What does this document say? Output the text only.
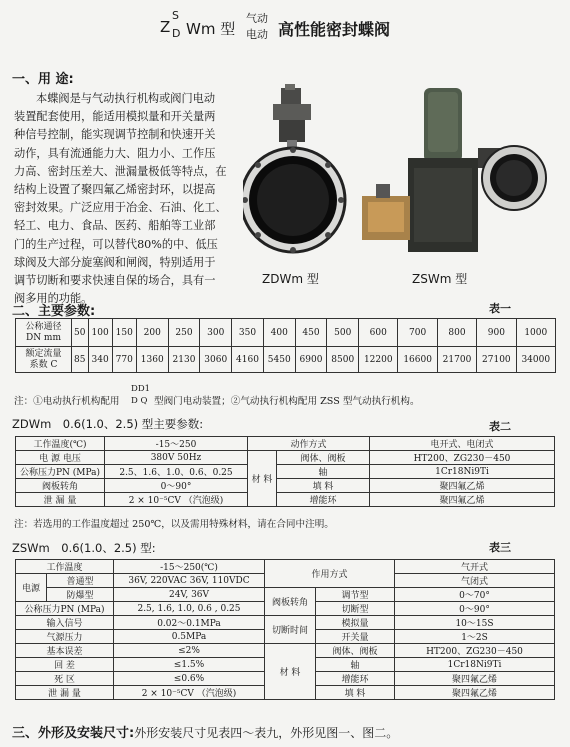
Z
S
D Wm 型
气动
电动 高性能密封蝶阀
一、用 途:
本蝶阀是与气动执行机构或阀门电动
装置配套使用，能适用模拟量和开关量两
种信号控制，能实现调节控制和快速开关
动作，具有流通能力大、阻力小、工作压
力高、密封压差大、泄漏量极低等特点，在
结构上设置了聚四氟乙烯密封环，以提高
密封效果。广泛应用于冶金、石油、化工、
轻工、电力、食品、医药、船舶等工业部
门的生产过程，可以替代80%的中、低压
球阀及大部分旋塞阀和闸阀，特别适用于
调节切断和要求快速自保的场合，具有一
阀多用的功能。
ZDWm 型	ZSWm 型
二、主要参数:	表一
公称通径
DN mm	50	100	150	200	250	300	350	400	450	500	600	700	800	900	1000
额定流量
系数 C	85	340	770	1360	2130	3060	4160	5450	6900	8500	12200	16600	21700	27100	34000
注：①电动执行机构配用
DD1
D Q 型阀门电动装置；②气动执行机构配用 ZSS 型气动执行机构。
ZDWm　0.6(1.0、2.5) 型主要参数:	表二
工作温度(℃)	-15～250	动作方式		电开式、电闭式
电 源 电压	380V 50Hz	材 料	阀体、阀板	HT200、ZG230－450
公称压力PN (MPa)	2.5、1.6、1.0、0.6、0.25		轴	1Cr18Ni9Ti
阀板转角	0～90°		填 料	聚四氟乙烯
泄 漏 量	2 × 10⁻⁵CV （汽泡级)		增能环	聚四氟乙烯
注：若选用的工作温度超过 250℃，以及需用特殊材料，请在合同中注明。
ZSWm　0.6(1.0、2.5) 型:	表三
工作温度		-15～250(℃)	作用方式		气开式
电源	普通型	36V, 220VAC 36V, 110VDC			气闭式
	防爆型	24V, 36V	阀板转角	调节型	0～70°
公称压力PN (MPa)		2.5, 1.6, 1.0, 0.6 , 0.25		切断型	0～90°
输入信号		0.02～0.1MPa	切断时间	模拟量	10～15S
气源压力		0.5MPa		开关量	1～2S
基本误差		≤2%	材 料	阀体、阀板	HT200、ZG230－450
回 差		≤1.5%		轴	1Cr18Ni9Ti
死 区		≤0.6%		增能环	聚四氟乙烯
泄 漏 量		2 × 10⁻⁵CV （汽泡级)		填 料	聚四氟乙烯
三、外形及安装尺寸:外形安装尺寸见表四～表九，外形见图一、图二。
